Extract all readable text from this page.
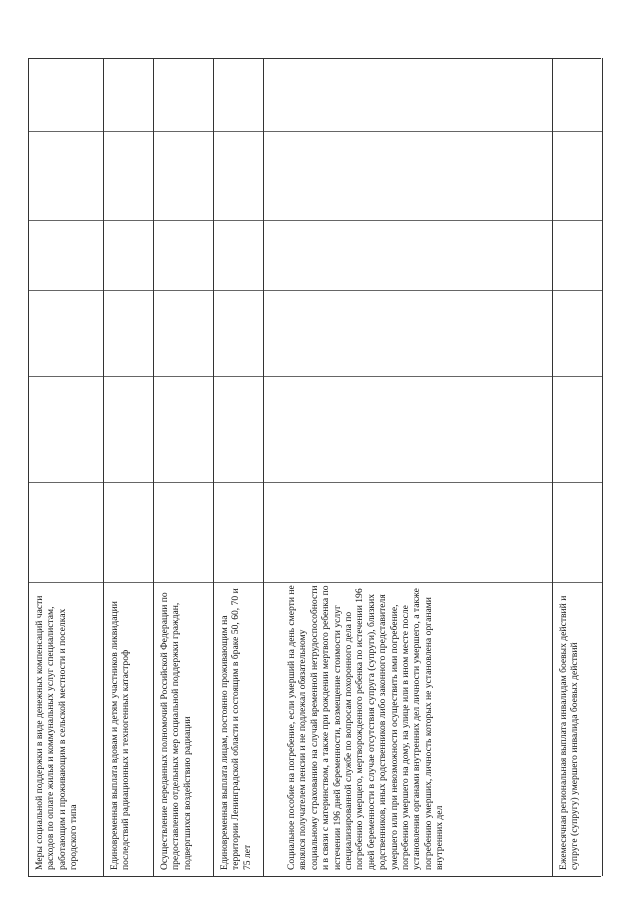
Меры социальной поддержки в виде денежных компенсаций части расходов по оплате жилья и коммунальных услуг специалистам, работающим и проживающим в сельской местности и поселках городского типа	Единовременная выплата вдовам и детям участников ликвидации последствий радиационных и техногенных катастроф	Осуществление переданных полномочий Российской Федерации по предоставлению отдельных мер социальной поддержки граждан, подвергшихся воздействию радиации	Единовременная выплата лицам, постоянно проживающим на территории Ленинградской области и состоящим в браке 50, 60, 70 и 75 лет	Социальное пособие на погребение, если умерший на день смерти не являлся получателем пенсии и не подлежал обязательному социальному страхованию на случай временной нетрудоспособности и в связи с материнством, а также при рождении мертвого ребенка по истечении 196 дней беременности, возмещение стоимости услуг специализированной службе по вопросам похоронного дела по погребению умерщего, мертворожденного ребенка по истечении 196 дней беременности в случае отсутствия супруга (супруги), близких родственников, иных родственников либо законного представителя умершего или при невозможности осуществить ими погребение, погребению умершего на дому, на улице или в ином месте после установления органами внутренних дел личности умершего, а также погребению умерших, личность которых не установлена органами внутренних дел	Ежемесячная региональная выплата инвалидам боевых действий и супруге (супругу) умершего инвалида боевых действий
